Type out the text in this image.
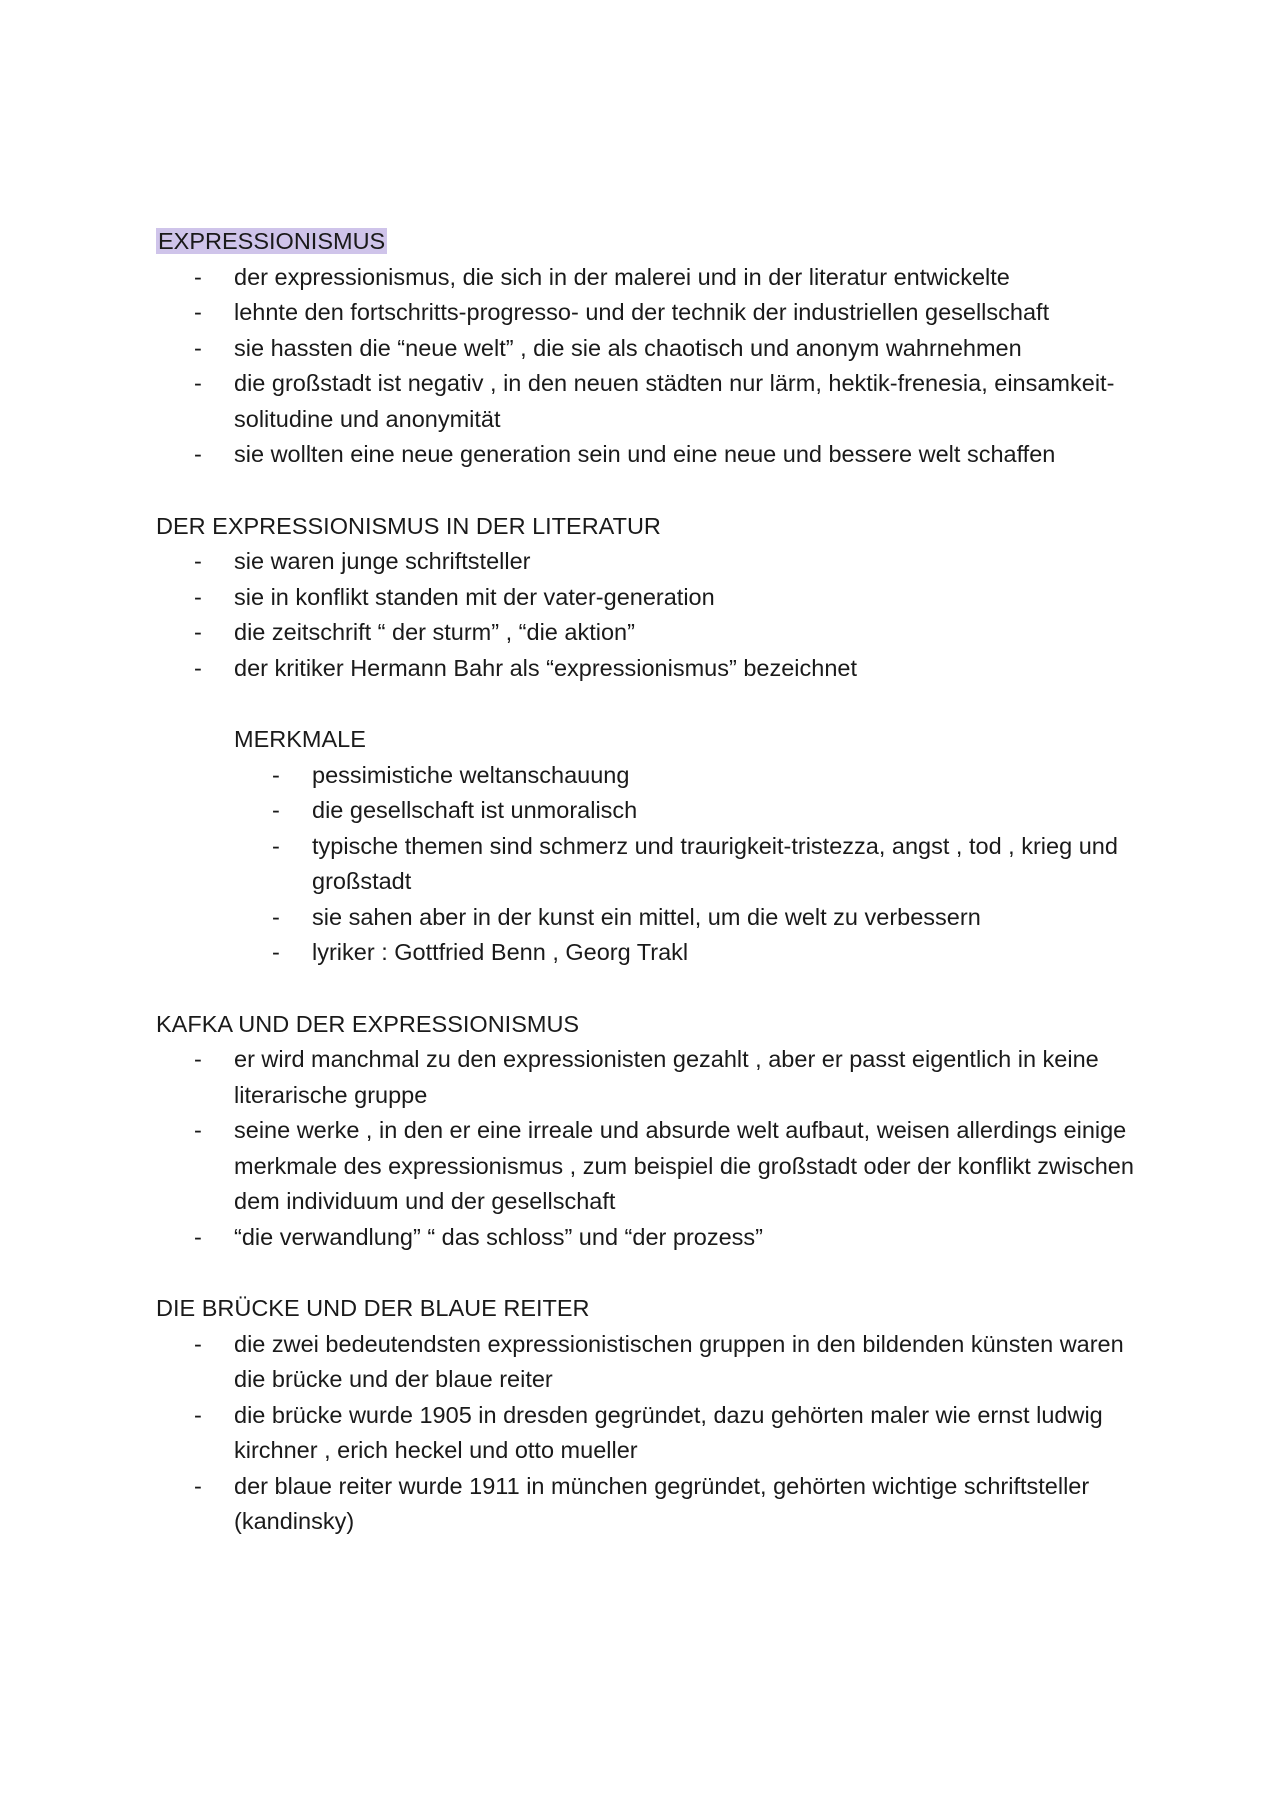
EXPRESSIONISMUS
- der expressionismus, die sich in der malerei und in der literatur entwickelte
- lehnte den fortschritts-progresso- und der technik der industriellen gesellschaft
- sie hassten die “neue welt” , die sie als chaotisch und anonym wahrnehmen
- die großstadt ist negativ , in den neuen städten nur lärm, hektik-frenesia, einsamkeit-solitudine und anonymität
- sie wollten eine neue generation sein und eine neue und bessere welt schaffen
DER EXPRESSIONISMUS IN DER LITERATUR
- sie waren junge schriftsteller
- sie in konflikt standen mit der vater-generation
- die zeitschrift “ der sturm” , “die aktion”
- der kritiker Hermann Bahr als “expressionismus” bezeichnet
MERKMALE
- pessimistiche weltanschauung
- die gesellschaft ist unmoralisch
- typische themen sind schmerz und traurigkeit-tristezza, angst , tod , krieg und großstadt
- sie sahen aber in der kunst ein mittel, um die welt zu verbessern
- lyriker : Gottfried Benn , Georg Trakl
KAFKA UND DER EXPRESSIONISMUS
- er wird manchmal zu den expressionisten gezahlt , aber er passt eigentlich in keine literarische gruppe
- seine werke , in den er eine irreale und absurde welt aufbaut, weisen allerdings einige merkmale des expressionismus , zum beispiel die großstadt oder der konflikt zwischen dem individuum und der gesellschaft
- “die verwandlung” “ das schloss” und “der prozess”
DIE BRÜCKE UND DER BLAUE REITER
- die zwei bedeutendsten expressionistischen gruppen in den bildenden künsten waren die brücke und der blaue reiter
- die brücke wurde 1905 in dresden gegründet, dazu gehörten maler wie ernst ludwig kirchner , erich heckel und otto mueller
- der blaue reiter wurde 1911 in münchen gegründet, gehörten wichtige schriftsteller (kandinsky)
